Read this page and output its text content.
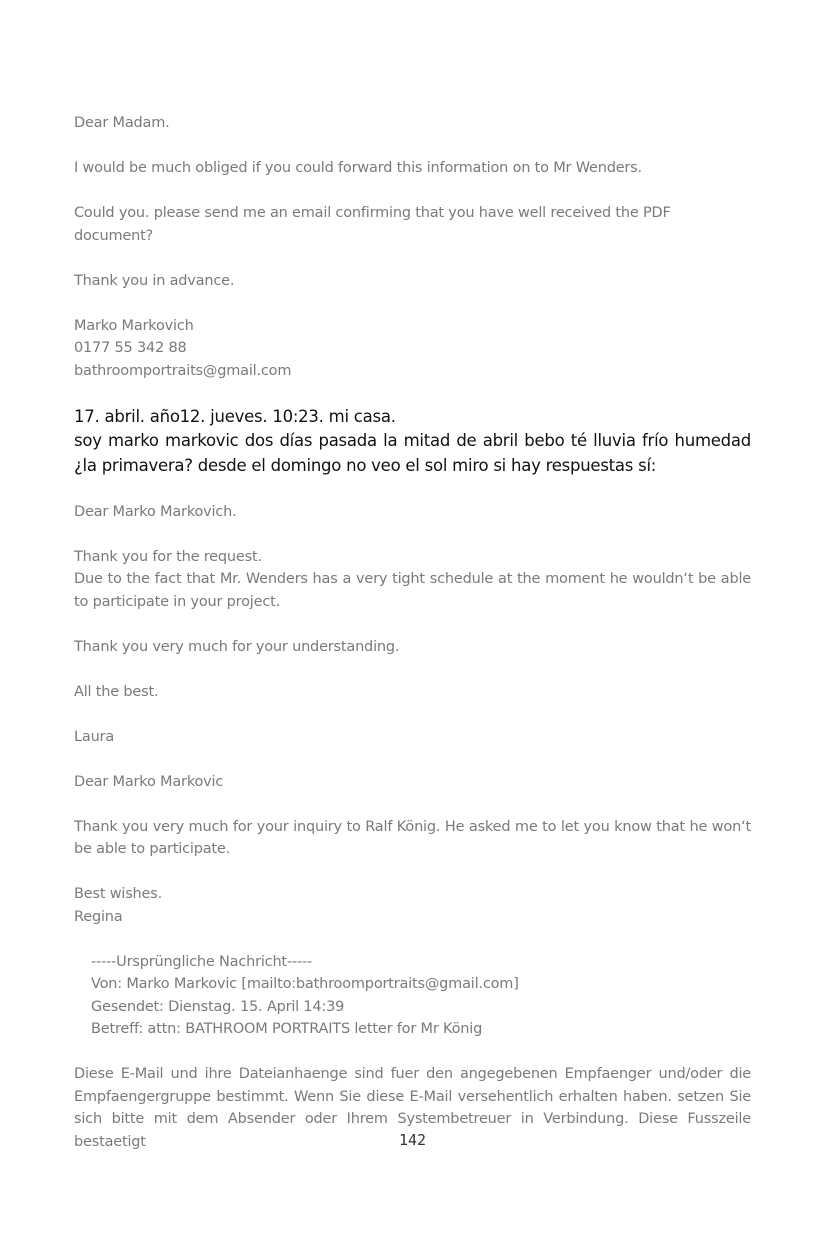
Dear Madam.

I would be much obliged if you could forward this information on to Mr Wenders.

Could you. please send me an email confirming that you have well received the PDF document?

Thank you in advance.

Marko Markovich

0177 55 342 88

bathroomportraits@gmail.com

17. abril. año12. jueves. 10:23. mi casa.

soy marko markovic dos días pasada la mitad de abril bebo té lluvia frío humedad ¿la primavera? desde el domingo no veo el sol miro si hay respuestas sí:

Dear Marko Markovich.

Thank you for the request.

Due to the fact that Mr. Wenders has a very tight schedule at the moment he wouldn‘t be able to participate in your project.

Thank you very much for your understanding.

All the best.

Laura

Dear Marko Markovic

Thank you very much for your inquiry to Ralf König. He asked me to let you know that he won‘t be able to participate.

Best wishes.

Regina

-----Ursprüngliche Nachricht-----

Von: Marko Markovic [mailto:bathroomportraits@gmail.com]

Gesendet: Dienstag. 15. April 14:39

Betreff: attn: BATHROOM PORTRAITS letter for Mr König

Diese E-Mail und ihre Dateianhaenge sind fuer den angegebenen Empfaenger und/oder die Empfaengergruppe bestimmt. Wenn Sie diese E-Mail versehentlich erhalten haben. setzen Sie sich bitte mit dem Absender oder Ihrem Systembetreuer in Verbindung. Diese Fusszeile bestaetigt	142
